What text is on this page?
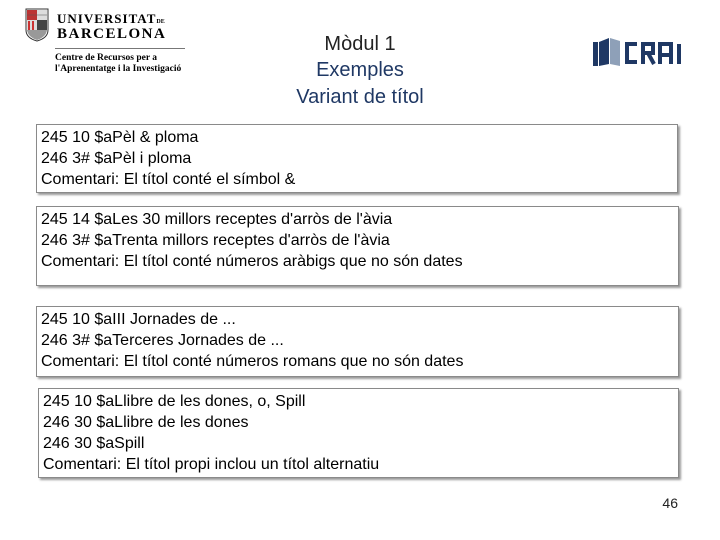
UNIVERSITATDE
BARCELONA
Centre de Recursos per a
l'Aprenentatge i la Investigació
Mòdul 1
Exemples
Variant de títol
CRAI
245 10 $aPèl & ploma
246 3# $aPèl i ploma
Comentari: El títol conté el símbol &
245 14 $aLes 30 millors receptes d'arròs de l'àvia
246 3# $aTrenta millors receptes d'arròs de l'àvia
Comentari: El títol conté números aràbigs que no són dates
245 10 $aIII Jornades de ...
246 3# $aTerceres Jornades de ...
Comentari: El títol conté números romans que no són dates
245 10 $aLlibre de les dones, o, Spill
246 30 $aLlibre de les dones
246 30 $aSpill
Comentari: El títol propi inclou un títol alternatiu
46
